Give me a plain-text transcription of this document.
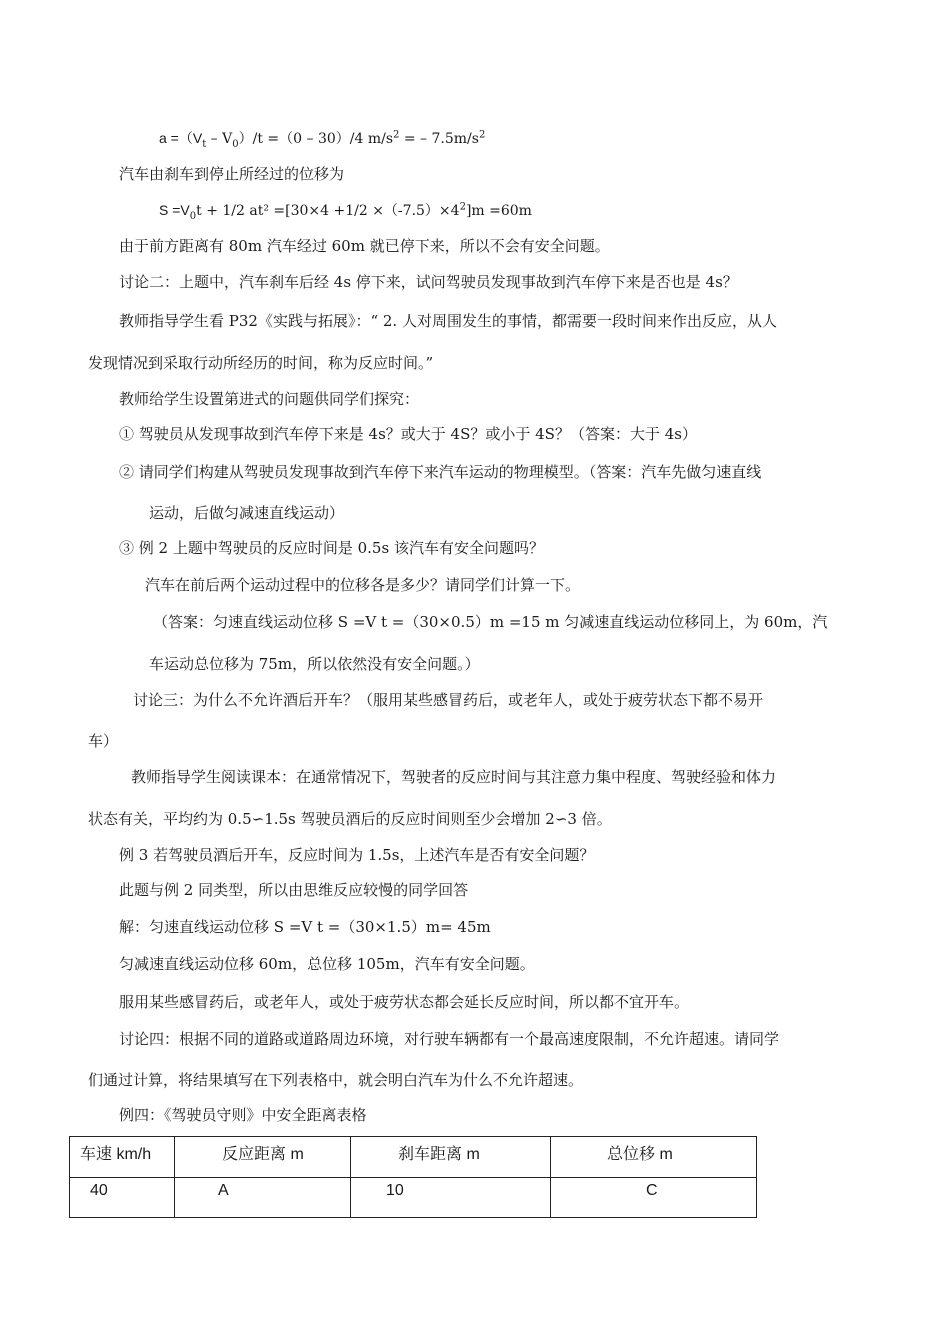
$a =(V_t - V_0)/t =(0 - 30)/4$ $m/s^2$ = – $7.5m/s^2$
汽车由刹车到停止所经过的位移为
$S =V_0t + 1/2$ $at^2 =[30\times 4 +1/2 \times(-7.5)\times 4^2]m =60m$
由于前方距离有 80m 汽车经过 60m 就已停下来，所以不会有安全问题。
讨论二：上题中，汽车刹车后经 4s 停下来，试问驾驶员发现事故到汽车停下来是否也是 4s？
教师指导学生看 P32《实践与拓展》：“ 2. 人对周围发生的事情，都需要一段时间来作出反应，从人
发现情况到采取行动所经历的时间，称为反应时间。”
教师给学生设置第进式的问题供同学们探究：
① 驾驶员从发现事故到汽车停下来是 4s？或大于 4S？或小于 4S？（答案：大于 4s）
② 请同学们构建从驾驶员发现事故到汽车停下来汽车运动的物理模型。（答案：汽车先做匀速直线
运动，后做匀减速直线运动）
③ 例 2 上题中驾驶员的反应时间是 0.5s 该汽车有安全问题吗？
汽车在前后两个运动过程中的位移各是多少？请同学们计算一下。
（答案：匀速直线运动位移 S =V t =（30×0.5）m =15 m 匀减速直线运动位移同上，为 60m，汽
车运动总位移为 75m，所以依然没有安全问题。）
讨论三：为什么不允许酒后开车？（服用某些感冒药后，或老年人，或处于疲劳状态下都不易开
车）
教师指导学生阅读课本：在通常情况下，驾驶者的反应时间与其注意力集中程度、驾驶经验和体力
状态有关，平均约为 0.5∽1.5s 驾驶员酒后的反应时间则至少会增加 2∽3 倍。
例 3 若驾驶员酒后开车，反应时间为 1.5s，上述汽车是否有安全问题？
此题与例 2 同类型，所以由思维反应较慢的同学回答
解：匀速直线运动位移 S =V t =（30×1.5）m= 45m
匀减速直线运动位移 60m，总位移 105m，汽车有安全问题。
服用某些感冒药后，或老年人，或处于疲劳状态都会延长反应时间，所以都不宜开车。
讨论四：根据不同的道路或道路周边环境，对行驶车辆都有一个最高速度限制，不允许超速。请同学
们通过计算，将结果填写在下列表格中，就会明白汽车为什么不允许超速。
例四：《驾驶员守则》中安全距离表格
车速 km/h	反应距离 m	刹车距离 m	总位移 m

40	A	10	C
